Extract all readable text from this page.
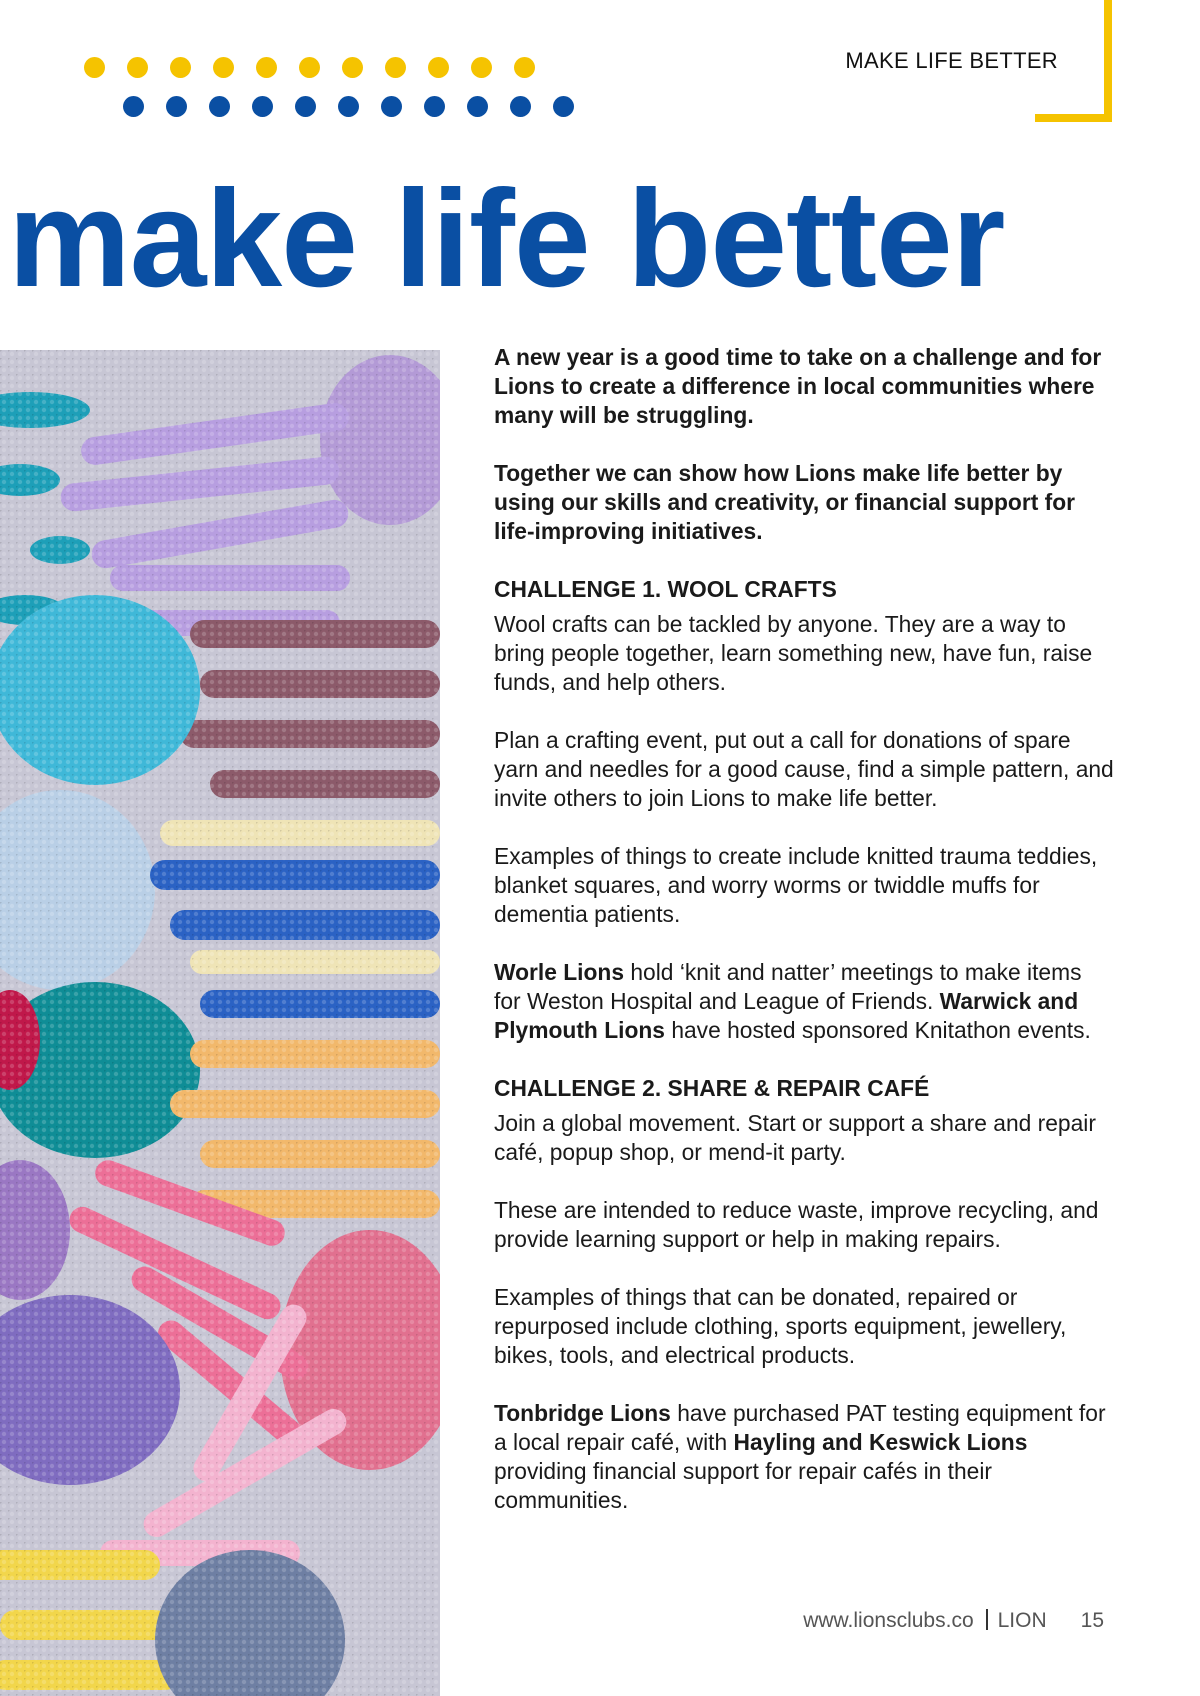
MAKE LIFE BETTER
make life better

A new year is a good time to take on a challenge and for Lions to create a difference in local communities where many will be struggling.

Together we can show how Lions make life better by using our skills and creativity, or financial support for life-improving initiatives.

CHALLENGE 1. WOOL CRAFTS

Wool crafts can be tackled by anyone. They are a way to bring people together, learn something new, have fun, raise funds, and help others.

Plan a crafting event, put out a call for donations of spare yarn and needles for a good cause, find a simple pattern, and invite others to join Lions to make life better.

Examples of things to create include knitted trauma teddies, blanket squares, and worry worms or twiddle muffs for dementia patients.

Worle Lions hold ‘knit and natter’ meetings to make items for Weston Hospital and League of Friends. Warwick and Plymouth Lions have hosted sponsored Knitathon events.

CHALLENGE 2. SHARE & REPAIR CAFÉ

Join a global movement. Start or support a share and repair café, popup shop, or mend-it party.

These are intended to reduce waste, improve recycling, and provide learning support or help in making repairs.

Examples of things that can be donated, repaired or repurposed include clothing, sports equipment, jewellery, bikes, tools, and electrical products.

Tonbridge Lions have purchased PAT testing equipment for a local repair café, with Hayling and Keswick Lions providing financial support for repair cafés in their communities.

www.lionsclubs.co LION 15
